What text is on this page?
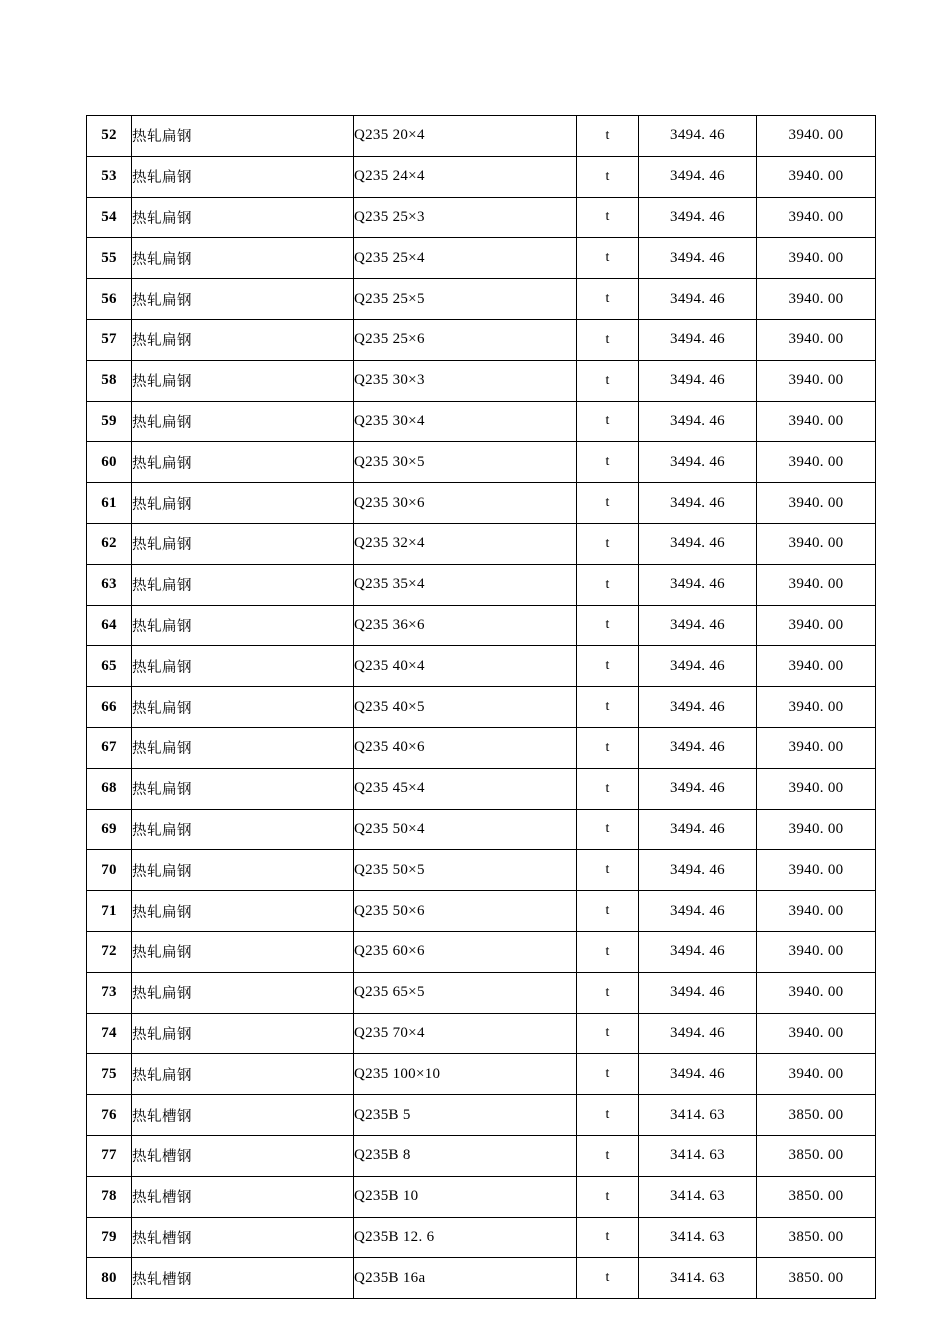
52	热轧扁钢	Q235 20×4	t	3494. 46	3940. 00
53	热轧扁钢	Q235 24×4	t	3494. 46	3940. 00
54	热轧扁钢	Q235 25×3	t	3494. 46	3940. 00
55	热轧扁钢	Q235 25×4	t	3494. 46	3940. 00
56	热轧扁钢	Q235 25×5	t	3494. 46	3940. 00
57	热轧扁钢	Q235 25×6	t	3494. 46	3940. 00
58	热轧扁钢	Q235 30×3	t	3494. 46	3940. 00
59	热轧扁钢	Q235 30×4	t	3494. 46	3940. 00
60	热轧扁钢	Q235 30×5	t	3494. 46	3940. 00
61	热轧扁钢	Q235 30×6	t	3494. 46	3940. 00
62	热轧扁钢	Q235 32×4	t	3494. 46	3940. 00
63	热轧扁钢	Q235 35×4	t	3494. 46	3940. 00
64	热轧扁钢	Q235 36×6	t	3494. 46	3940. 00
65	热轧扁钢	Q235 40×4	t	3494. 46	3940. 00
66	热轧扁钢	Q235 40×5	t	3494. 46	3940. 00
67	热轧扁钢	Q235 40×6	t	3494. 46	3940. 00
68	热轧扁钢	Q235 45×4	t	3494. 46	3940. 00
69	热轧扁钢	Q235 50×4	t	3494. 46	3940. 00
70	热轧扁钢	Q235 50×5	t	3494. 46	3940. 00
71	热轧扁钢	Q235 50×6	t	3494. 46	3940. 00
72	热轧扁钢	Q235 60×6	t	3494. 46	3940. 00
73	热轧扁钢	Q235 65×5	t	3494. 46	3940. 00
74	热轧扁钢	Q235 70×4	t	3494. 46	3940. 00
75	热轧扁钢	Q235 100×10	t	3494. 46	3940. 00
76	热轧槽钢	Q235B 5	t	3414. 63	3850. 00
77	热轧槽钢	Q235B 8	t	3414. 63	3850. 00
78	热轧槽钢	Q235B 10	t	3414. 63	3850. 00
79	热轧槽钢	Q235B 12. 6	t	3414. 63	3850. 00
80	热轧槽钢	Q235B 16a	t	3414. 63	3850. 00
